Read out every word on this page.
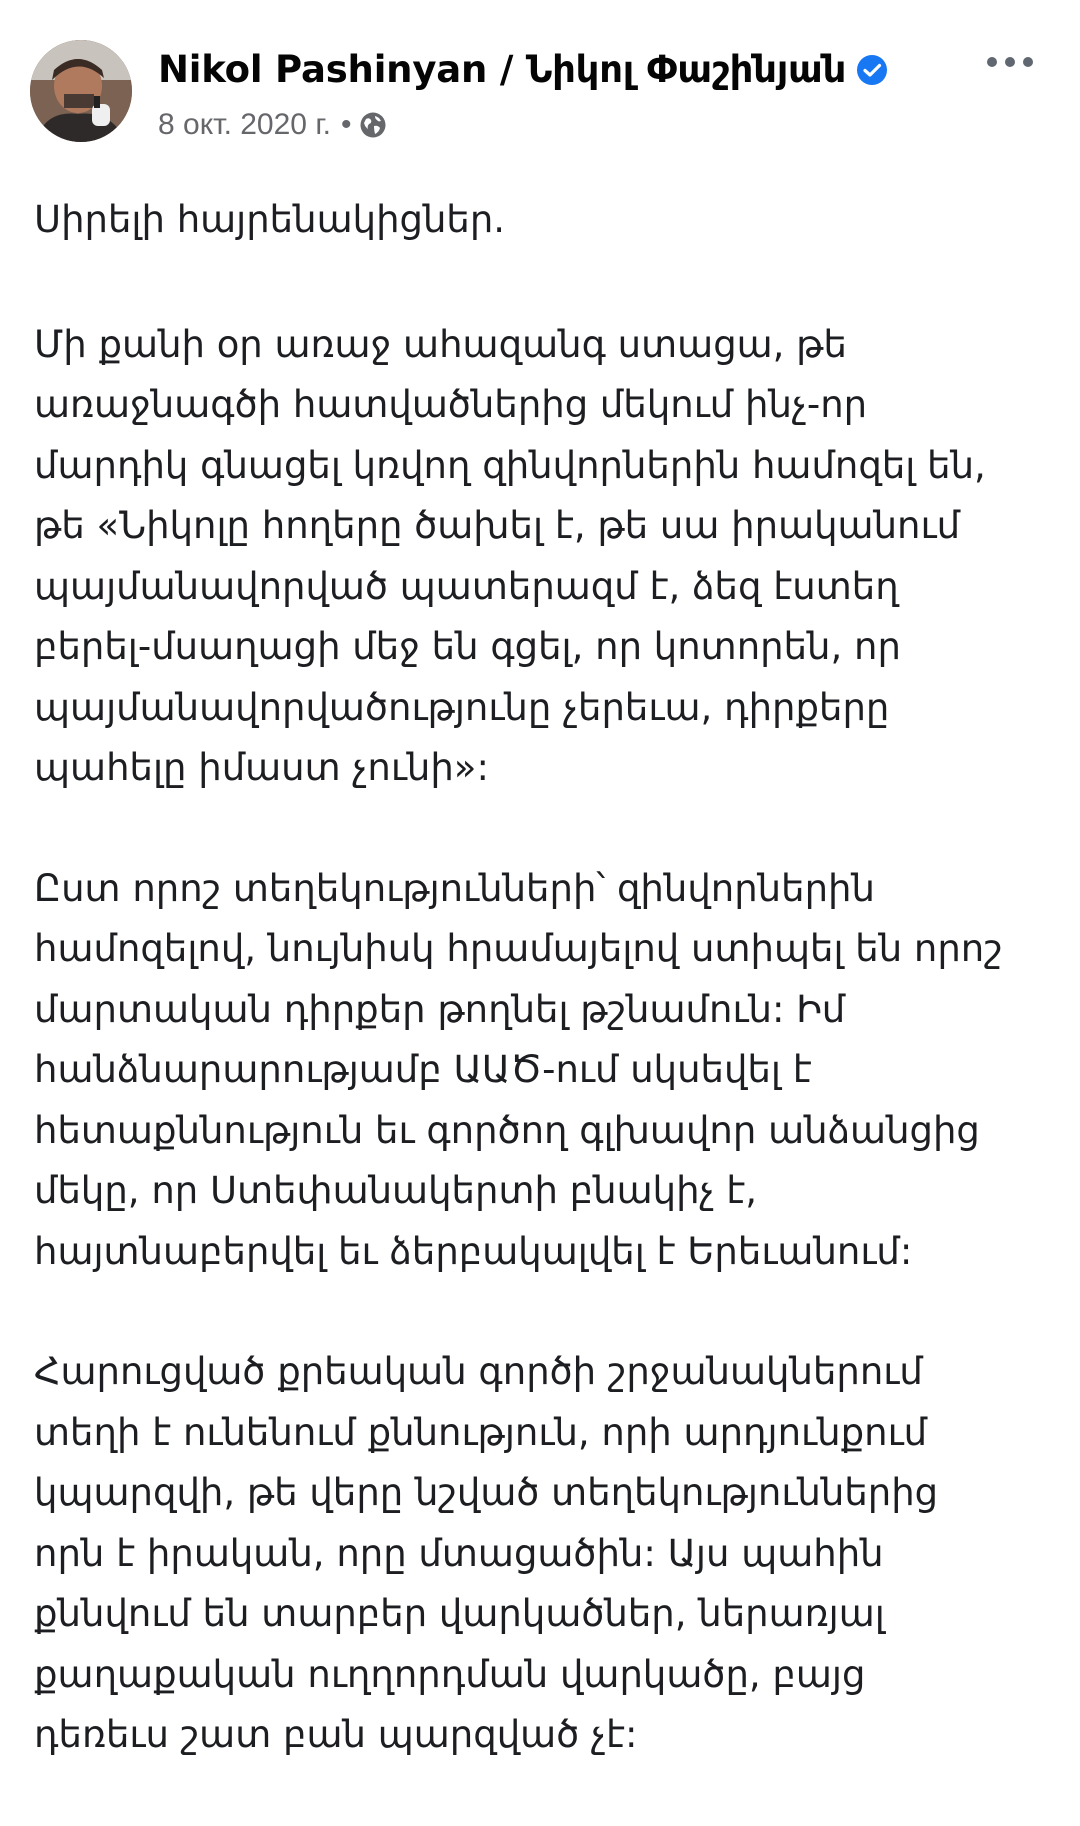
Nikol Pashinyan / Նիկոլ Փաշինյան
8 окт. 2020 г. •

Սիրելի հայրենակիցներ.

Մի քանի օր առաջ ահազանգ ստացա, թե
առաջնագծի հատվածներից մեկում ինչ-որ
մարդիկ գնացել կռվող զինվորներին համոզել են,
թե «Նիկոլը հողերը ծախել է, թե սա իրականում
պայմանավորված պատերազմ է, ձեզ էստեղ
բերել-մսաղացի մեջ են գցել, որ կոտորեն, որ
պայմանավորվածությունը չերեւա, դիրքերը
պահելը իմաստ չունի»:

Ըստ որոշ տեղեկությունների՝ զինվորներին
համոզելով, նույնիսկ հրամայելով ստիպել են որոշ
մարտական դիրքեր թողնել թշնամուն: Իմ
հանձնարարությամբ ԱԱԾ-ում սկսեվել է
հետաքննություն եւ գործող գլխավոր անձանցից
մեկը, որ Ստեփանակերտի բնակիչ է,
հայտնաբերվել եւ ձերբակալվել է Երեւանում:

Հարուցված քրեական գործի շրջանակներում
տեղի է ունենում քննություն, որի արդյունքում
կպարզվի, թե վերը նշված տեղեկություններից
որն է իրական, որը մտացածին: Այս պահին
քննվում են տարբեր վարկածներ, ներառյալ
քաղաքական ուղղորդման վարկածը, բայց
դեռեւս շատ բան պարզված չէ:
